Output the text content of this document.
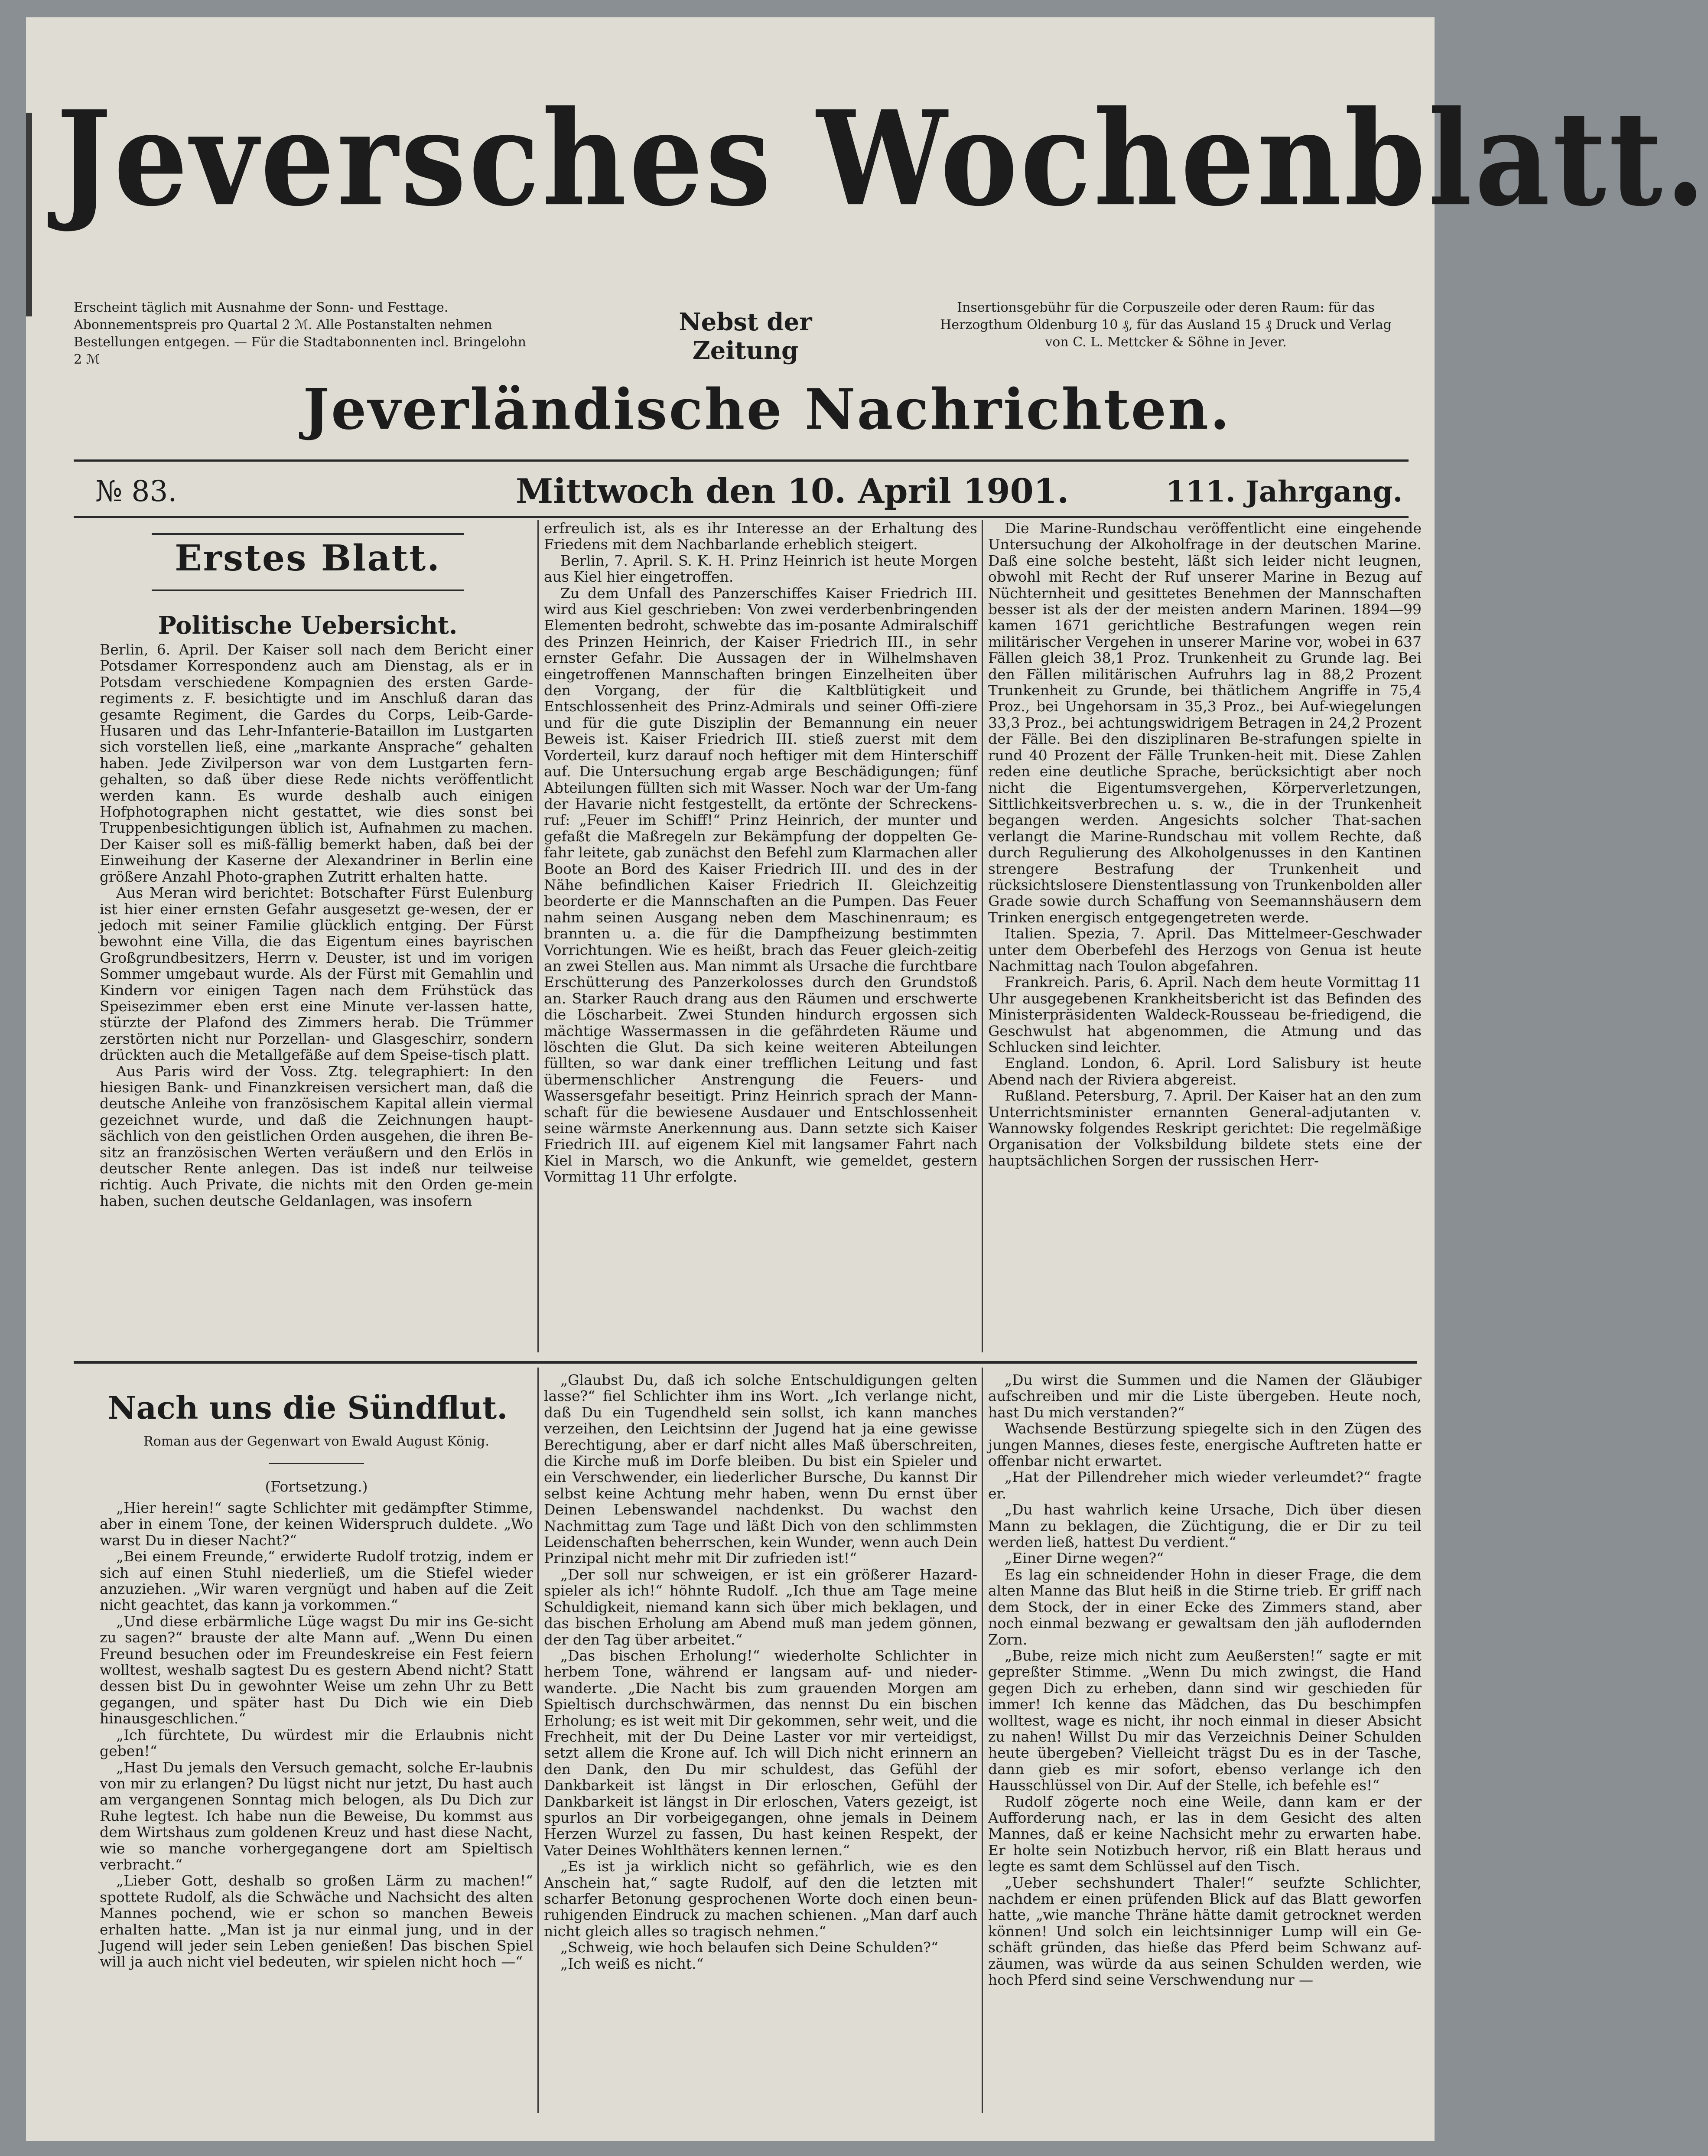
Jeversches Wochenblatt.
Erscheint täglich mit Ausnahme der Sonn- und Festtage. Abonnementspreis pro Quartal 2 ℳ. Alle Postanstalten nehmen Bestellungen entgegen. — Für die Stadtabonnenten incl. Bringelohn 2 ℳ
Nebst der Zeitung
Insertionsgebühr für die Corpuszeile oder deren Raum: für das Herzogthum Oldenburg 10 ₰, für das Ausland 15 ₰ Druck und Verlag von C. L. Mettcker & Söhne in Jever.
Jeverländische Nachrichten.
№ 83.	Mittwoch den 10. April 1901.	111. Jahrgang.
Erstes Blatt.
Politische Uebersicht.

Berlin, 6. April. Der Kaiser soll nach dem Bericht einer Potsdamer Korrespondenz auch am Dienstag, als er in Potsdam verschiedene Kompagnien des ersten Garde-regiments z. F. besichtigte und im Anschluß daran das gesamte Regiment, die Gardes du Corps, Leib-Garde-Husaren und das Lehr-Infanterie-Bataillon im Lustgarten sich vorstellen ließ, eine „markante Ansprache“ gehalten haben. Jede Zivilperson war von dem Lustgarten fern-gehalten, so daß über diese Rede nichts veröffentlicht werden kann. Es wurde deshalb auch einigen Hofphotographen nicht gestattet, wie dies sonst bei Truppenbesichtigungen üblich ist, Aufnahmen zu machen. Der Kaiser soll es miß-fällig bemerkt haben, daß bei der Einweihung der Kaserne der Alexandriner in Berlin eine größere Anzahl Photo-graphen Zutritt erhalten hatte.

Aus Meran wird berichtet: Botschafter Fürst Eulenburg ist hier einer ernsten Gefahr ausgesetzt ge-wesen, der er jedoch mit seiner Familie glücklich entging. Der Fürst bewohnt eine Villa, die das Eigentum eines bayrischen Großgrundbesitzers, Herrn v. Deuster, ist und im vorigen Sommer umgebaut wurde. Als der Fürst mit Gemahlin und Kindern vor einigen Tagen nach dem Frühstück das Speisezimmer eben erst eine Minute ver-lassen hatte, stürzte der Plafond des Zimmers herab. Die Trümmer zerstörten nicht nur Porzellan- und Glasgeschirr, sondern drückten auch die Metallgefäße auf dem Speise-tisch platt.

Aus Paris wird der Voss. Ztg. telegraphiert: In den hiesigen Bank- und Finanzkreisen versichert man, daß die deutsche Anleihe von französischem Kapital allein viermal gezeichnet wurde, und daß die Zeichnungen haupt-sächlich von den geistlichen Orden ausgehen, die ihren Be-sitz an französischen Werten veräußern und den Erlös in deutscher Rente anlegen. Das ist indeß nur teilweise richtig. Auch Private, die nichts mit den Orden ge-mein haben, suchen deutsche Geldanlagen, was insofern

erfreulich ist, als es ihr Interesse an der Erhaltung des Friedens mit dem Nachbarlande erheblich steigert.

Berlin, 7. April. S. K. H. Prinz Heinrich ist heute Morgen aus Kiel hier eingetroffen.

Zu dem Unfall des Panzerschiffes Kaiser Friedrich III. wird aus Kiel geschrieben: Von zwei verderbenbringenden Elementen bedroht, schwebte das im-posante Admiralschiff des Prinzen Heinrich, der Kaiser Friedrich III., in sehr ernster Gefahr. Die Aussagen der in Wilhelmshaven eingetroffenen Mannschaften bringen Einzelheiten über den Vorgang, der für die Kaltblütigkeit und Entschlossenheit des Prinz-Admirals und seiner Offi-ziere und für die gute Disziplin der Bemannung ein neuer Beweis ist. Kaiser Friedrich III. stieß zuerst mit dem Vorderteil, kurz darauf noch heftiger mit dem Hinterschiff auf. Die Untersuchung ergab arge Beschädigungen; fünf Abteilungen füllten sich mit Wasser. Noch war der Um-fang der Havarie nicht festgestellt, da ertönte der Schreckens-ruf: „Feuer im Schiff!“ Prinz Heinrich, der munter und gefaßt die Maßregeln zur Bekämpfung der doppelten Ge-fahr leitete, gab zunächst den Befehl zum Klarmachen aller Boote an Bord des Kaiser Friedrich III. und des in der Nähe befindlichen Kaiser Friedrich II. Gleichzeitig beorderte er die Mannschaften an die Pumpen. Das Feuer nahm seinen Ausgang neben dem Maschinenraum; es brannten u. a. die für die Dampfheizung bestimmten Vorrichtungen. Wie es heißt, brach das Feuer gleich-zeitig an zwei Stellen aus. Man nimmt als Ursache die furchtbare Erschütterung des Panzerkolosses durch den Grundstoß an. Starker Rauch drang aus den Räumen und erschwerte die Löscharbeit. Zwei Stunden hindurch ergossen sich mächtige Wassermassen in die gefährdeten Räume und löschten die Glut. Da sich keine weiteren Abteilungen füllten, so war dank einer trefflichen Leitung und fast übermenschlicher Anstrengung die Feuers- und Wassersgefahr beseitigt. Prinz Heinrich sprach der Mann-schaft für die bewiesene Ausdauer und Entschlossenheit seine wärmste Anerkennung aus. Dann setzte sich Kaiser Friedrich III. auf eigenem Kiel mit langsamer Fahrt nach Kiel in Marsch, wo die Ankunft, wie gemeldet, gestern Vormittag 11 Uhr erfolgte.

Die Marine-Rundschau veröffentlicht eine eingehende Untersuchung der Alkoholfrage in der deutschen Marine. Daß eine solche besteht, läßt sich leider nicht leugnen, obwohl mit Recht der Ruf unserer Marine in Bezug auf Nüchternheit und gesittetes Benehmen der Mannschaften besser ist als der der meisten andern Marinen. 1894—99 kamen 1671 gerichtliche Bestrafungen wegen rein militärischer Vergehen in unserer Marine vor, wobei in 637 Fällen gleich 38,1 Proz. Trunkenheit zu Grunde lag. Bei den Fällen militärischen Aufruhrs lag in 88,2 Prozent Trunkenheit zu Grunde, bei thätlichem Angriffe in 75,4 Proz., bei Ungehorsam in 35,3 Proz., bei Auf-wiegelungen 33,3 Proz., bei achtungswidrigem Betragen in 24,2 Prozent der Fälle. Bei den disziplinaren Be-strafungen spielte in rund 40 Prozent der Fälle Trunken-heit mit. Diese Zahlen reden eine deutliche Sprache, berücksichtigt aber noch nicht die Eigentumsvergehen, Körperverletzungen, Sittlichkeitsverbrechen u. s. w., die in der Trunkenheit begangen werden. Angesichts solcher That-sachen verlangt die Marine-Rundschau mit vollem Rechte, daß durch Regulierung des Alkoholgenusses in den Kantinen strengere Bestrafung der Trunkenheit und rücksichtslosere Dienstentlassung von Trunkenbolden aller Grade sowie durch Schaffung von Seemannshäusern dem Trinken energisch entgegengetreten werde.

Italien. Spezia, 7. April. Das Mittelmeer-Geschwader unter dem Oberbefehl des Herzogs von Genua ist heute Nachmittag nach Toulon abgefahren.

Frankreich. Paris, 6. April. Nach dem heute Vormittag 11 Uhr ausgegebenen Krankheitsbericht ist das Befinden des Ministerpräsidenten Waldeck-Rousseau be-friedigend, die Geschwulst hat abgenommen, die Atmung und das Schlucken sind leichter.

England. London, 6. April. Lord Salisbury ist heute Abend nach der Riviera abgereist.

Rußland. Petersburg, 7. April. Der Kaiser hat an den zum Unterrichtsminister ernannten General-adjutanten v. Wannowsky folgendes Reskript gerichtet: Die regelmäßige Organisation der Volksbildung bildete stets eine der hauptsächlichen Sorgen der russischen Herr-

Nach uns die Sündflut.
Roman aus der Gegenwart von Ewald August König.
(Fortsetzung.)

„Hier herein!“ sagte Schlichter mit gedämpfter Stimme, aber in einem Tone, der keinen Widerspruch duldete. „Wo warst Du in dieser Nacht?“

„Bei einem Freunde,“ erwiderte Rudolf trotzig, indem er sich auf einen Stuhl niederließ, um die Stiefel wieder anzuziehen. „Wir waren vergnügt und haben auf die Zeit nicht geachtet, das kann ja vorkommen.“

„Und diese erbärmliche Lüge wagst Du mir ins Ge-sicht zu sagen?“ brauste der alte Mann auf. „Wenn Du einen Freund besuchen oder im Freundeskreise ein Fest feiern wolltest, weshalb sagtest Du es gestern Abend nicht? Statt dessen bist Du in gewohnter Weise um zehn Uhr zu Bett gegangen, und später hast Du Dich wie ein Dieb hinausgeschlichen.“

„Ich fürchtete, Du würdest mir die Erlaubnis nicht geben!“

„Hast Du jemals den Versuch gemacht, solche Er-laubnis von mir zu erlangen? Du lügst nicht nur jetzt, Du hast auch am vergangenen Sonntag mich belogen, als Du Dich zur Ruhe legtest. Ich habe nun die Beweise, Du kommst aus dem Wirtshaus zum goldenen Kreuz und hast diese Nacht, wie so manche vorhergegangene dort am Spieltisch verbracht.“

„Lieber Gott, deshalb so großen Lärm zu machen!“ spottete Rudolf, als die Schwäche und Nachsicht des alten Mannes pochend, wie er schon so manchen Beweis erhalten hatte. „Man ist ja nur einmal jung, und in der Jugend will jeder sein Leben genießen! Das bischen Spiel will ja auch nicht viel bedeuten, wir spielen nicht hoch —“

„Glaubst Du, daß ich solche Entschuldigungen gelten lasse?“ fiel Schlichter ihm ins Wort. „Ich verlange nicht, daß Du ein Tugendheld sein sollst, ich kann manches verzeihen, den Leichtsinn der Jugend hat ja eine gewisse Berechtigung, aber er darf nicht alles Maß überschreiten, die Kirche muß im Dorfe bleiben. Du bist ein Spieler und ein Verschwender, ein liederlicher Bursche, Du kannst Dir selbst keine Achtung mehr haben, wenn Du ernst über Deinen Lebenswandel nachdenkst. Du wachst den Nachmittag zum Tage und läßt Dich von den schlimmsten Leidenschaften beherrschen, kein Wunder, wenn auch Dein Prinzipal nicht mehr mit Dir zufrieden ist!“

„Der soll nur schweigen, er ist ein größerer Hazard-spieler als ich!“ höhnte Rudolf. „Ich thue am Tage meine Schuldigkeit, niemand kann sich über mich beklagen, und das bischen Erholung am Abend muß man jedem gönnen, der den Tag über arbeitet.“

„Das bischen Erholung!“ wiederholte Schlichter in herbem Tone, während er langsam auf- und nieder-wanderte. „Die Nacht bis zum grauenden Morgen am Spieltisch durchschwärmen, das nennst Du ein bischen Erholung; es ist weit mit Dir gekommen, sehr weit, und die Frechheit, mit der Du Deine Laster vor mir verteidigst, setzt allem die Krone auf. Ich will Dich nicht erinnern an den Dank, den Du mir schuldest, das Gefühl der Dankbarkeit ist längst in Dir erloschen, Gefühl der Dankbarkeit ist längst in Dir erloschen, Vaters gezeigt, ist spurlos an Dir vorbeigegangen, ohne jemals in Deinem Herzen Wurzel zu fassen, Du hast keinen Respekt, der Vater Deines Wohlthäters kennen lernen.“

„Es ist ja wirklich nicht so gefährlich, wie es den Anschein hat,“ sagte Rudolf, auf den die letzten mit scharfer Betonung gesprochenen Worte doch einen beun-ruhigenden Eindruck zu machen schienen. „Man darf auch nicht gleich alles so tragisch nehmen.“

„Schweig, wie hoch belaufen sich Deine Schulden?“

„Ich weiß es nicht.“

„Du wirst die Summen und die Namen der Gläubiger aufschreiben und mir die Liste übergeben. Heute noch, hast Du mich verstanden?“

Wachsende Bestürzung spiegelte sich in den Zügen des jungen Mannes, dieses feste, energische Auftreten hatte er offenbar nicht erwartet.

„Hat der Pillendreher mich wieder verleumdet?“ fragte er.

„Du hast wahrlich keine Ursache, Dich über diesen Mann zu beklagen, die Züchtigung, die er Dir zu teil werden ließ, hattest Du verdient.“

„Einer Dirne wegen?“

Es lag ein schneidender Hohn in dieser Frage, die dem alten Manne das Blut heiß in die Stirne trieb. Er griff nach dem Stock, der in einer Ecke des Zimmers stand, aber noch einmal bezwang er gewaltsam den jäh auflodernden Zorn.

„Bube, reize mich nicht zum Aeußersten!“ sagte er mit gepreßter Stimme. „Wenn Du mich zwingst, die Hand gegen Dich zu erheben, dann sind wir geschieden für immer! Ich kenne das Mädchen, das Du beschimpfen wolltest, wage es nicht, ihr noch einmal in dieser Absicht zu nahen! Willst Du mir das Verzeichnis Deiner Schulden heute übergeben? Vielleicht trägst Du es in der Tasche, dann gieb es mir sofort, ebenso verlange ich den Hausschlüssel von Dir. Auf der Stelle, ich befehle es!“

Rudolf zögerte noch eine Weile, dann kam er der Aufforderung nach, er las in dem Gesicht des alten Mannes, daß er keine Nachsicht mehr zu erwarten habe. Er holte sein Notizbuch hervor, riß ein Blatt heraus und legte es samt dem Schlüssel auf den Tisch.

„Ueber sechshundert Thaler!“ seufzte Schlichter, nachdem er einen prüfenden Blick auf das Blatt geworfen hatte, „wie manche Thräne hätte damit getrocknet werden können! Und solch ein leichtsinniger Lump will ein Ge-schäft gründen, das hieße das Pferd beim Schwanz auf-zäumen, was würde da aus seinen Schulden werden, wie hoch Pferd sind seine Verschwendung nur —
